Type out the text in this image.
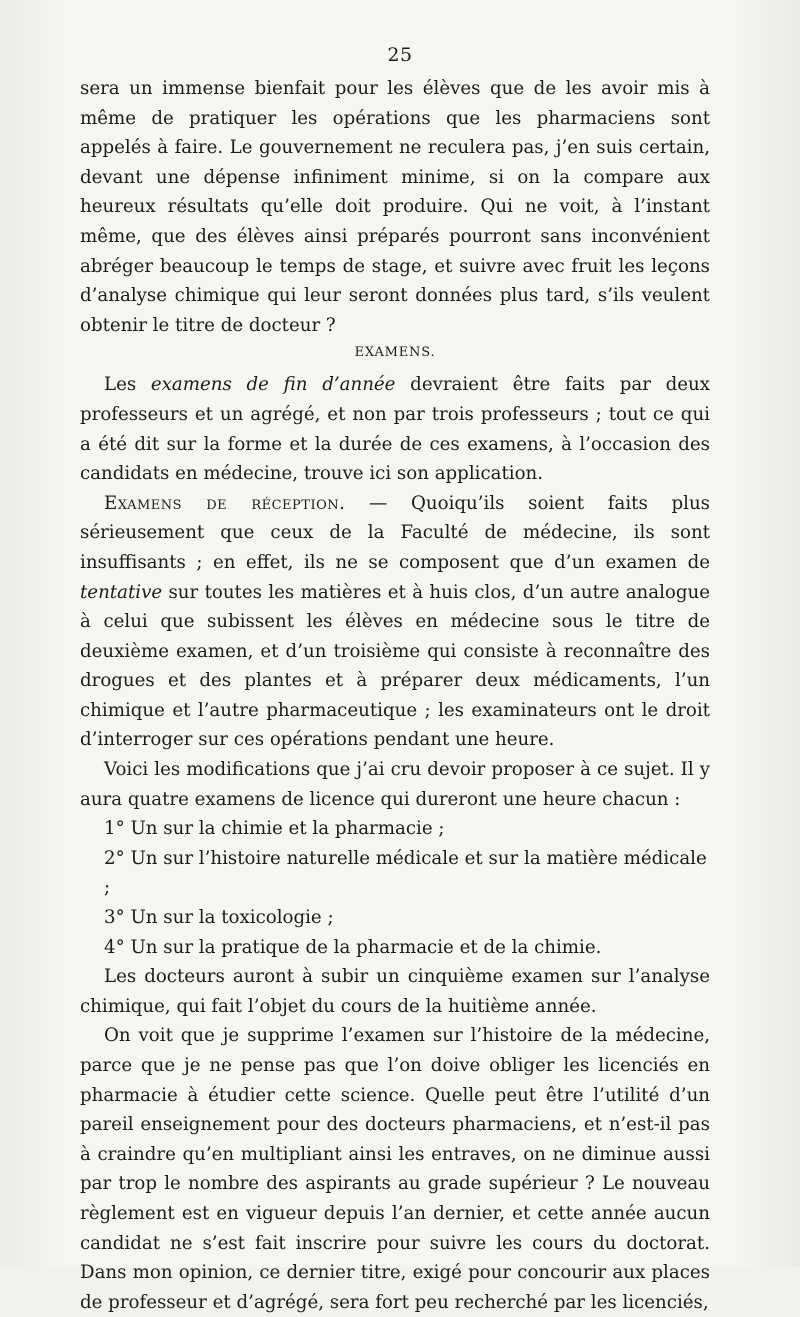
25

sera un immense bienfait pour les élèves que de les avoir mis à même de pratiquer les opérations que les pharmaciens sont appelés à faire. Le gouvernement ne reculera pas, j’en suis certain, devant une dépense infiniment minime, si on la compare aux heureux résultats qu’elle doit produire. Qui ne voit, à l’instant même, que des élèves ainsi préparés pourront sans inconvénient abréger beaucoup le temps de stage, et suivre avec fruit les leçons d’analyse chimique qui leur seront données plus tard, s’ils veulent obtenir le titre de docteur ?

EXAMENS.

Les examens de fin d’année devraient être faits par deux professeurs et un agrégé, et non par trois professeurs ; tout ce qui a été dit sur la forme et la durée de ces examens, à l’occasion des candidats en médecine, trouve ici son application.

Examens de réception. — Quoiqu’ils soient faits plus sérieusement que ceux de la Faculté de médecine, ils sont insuffisants ; en effet, ils ne se composent que d’un examen de tentative sur toutes les matières et à huis clos, d’un autre analogue à celui que subissent les élèves en médecine sous le titre de deuxième examen, et d’un troisième qui consiste à reconnaître des drogues et des plantes et à préparer deux médicaments, l’un chimique et l’autre pharmaceutique ; les examinateurs ont le droit d’interroger sur ces opérations pendant une heure.

Voici les modifications que j’ai cru devoir proposer à ce sujet. Il y aura quatre examens de licence qui dureront une heure chacun :

1° Un sur la chimie et la pharmacie ;
2° Un sur l’histoire naturelle médicale et sur la matière médicale ;
3° Un sur la toxicologie ;
4° Un sur la pratique de la pharmacie et de la chimie.

Les docteurs auront à subir un cinquième examen sur l’analyse chimique, qui fait l’objet du cours de la huitième année.

On voit que je supprime l’examen sur l’histoire de la médecine, parce que je ne pense pas que l’on doive obliger les licenciés en pharmacie à étudier cette science. Quelle peut être l’utilité d’un pareil enseignement pour des docteurs pharmaciens, et n’est-il pas à craindre qu’en multipliant ainsi les entraves, on ne diminue aussi par trop le nombre des aspirants au grade supérieur ? Le nouveau règlement est en vigueur depuis l’an dernier, et cette année aucun candidat ne s’est fait inscrire pour suivre les cours du doctorat. Dans mon opinion, ce dernier titre, exigé pour concourir aux places de professeur et d’agrégé, sera fort peu recherché par les licenciés,
